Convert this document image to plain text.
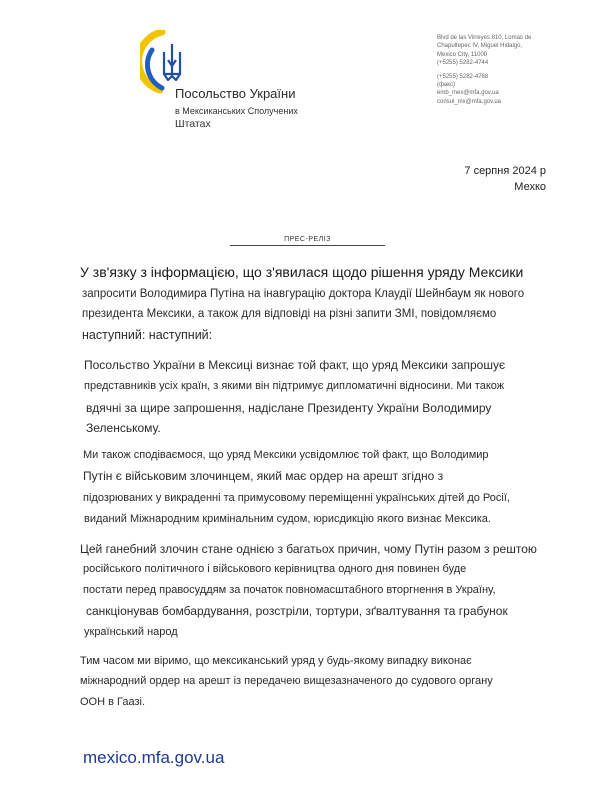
Посольство України
в Мексиканських Сполучених
Штатах
Blvd de las Virreyes 810, Lomas de
Chapultepec IV, Miguel Hidalgo,
Mexico City, 11000
(+5255) 5282-4744
(+5255) 5282-4768
(факс)
emb_mex@mfa.gov.ua
consul_mx@mfa.gov.ua
7 серпня 2024 р
Мехко
ПРЕС-РЕЛІЗ
У зв'язку з інформацією, що з'явилася щодо рішення уряду Мексики
запросити Володимира Путіна на інавгурацію доктора Клаудії Шейнбаум як нового
президента Мексики, а також для відповіді на різні запити ЗМІ, повідомляємо
наступний: наступний:
Посольство України в Мексиці визнає той факт, що уряд Мексики запрошує
представників усіх країн, з якими він підтримує дипломатичні відносини. Ми також
вдячні за щире запрошення, надіслане Президенту України Володимиру
Зеленському.
Ми також сподіваємося, що уряд Мексики усвідомлює той факт, що Володимир
Путін є військовим злочинцем, який має ордер на арешт згідно з
підозрюваних у викраденні та примусовому переміщенні українських дітей до Росії,
виданий Міжнародним кримінальним судом, юрисдикцію якого визнає Мексика.
Цей ганебний злочин стане однією з багатьох причин, чому Путін разом з рештою
російського політичного і військового керівництва одного дня повинен буде
постати перед правосуддям за початок повномасштабного вторгнення в Україну,
санкціонував бомбардування, розстріли, тортури, зґвалтування та грабунок
український народ
Тим часом ми віримо, що мексиканський уряд у будь-якому випадку виконає
міжнародний ордер на арешт із передачею вищезазначеного до судового органу
ООН в Гаазі.
mexico.mfa.gov.ua
